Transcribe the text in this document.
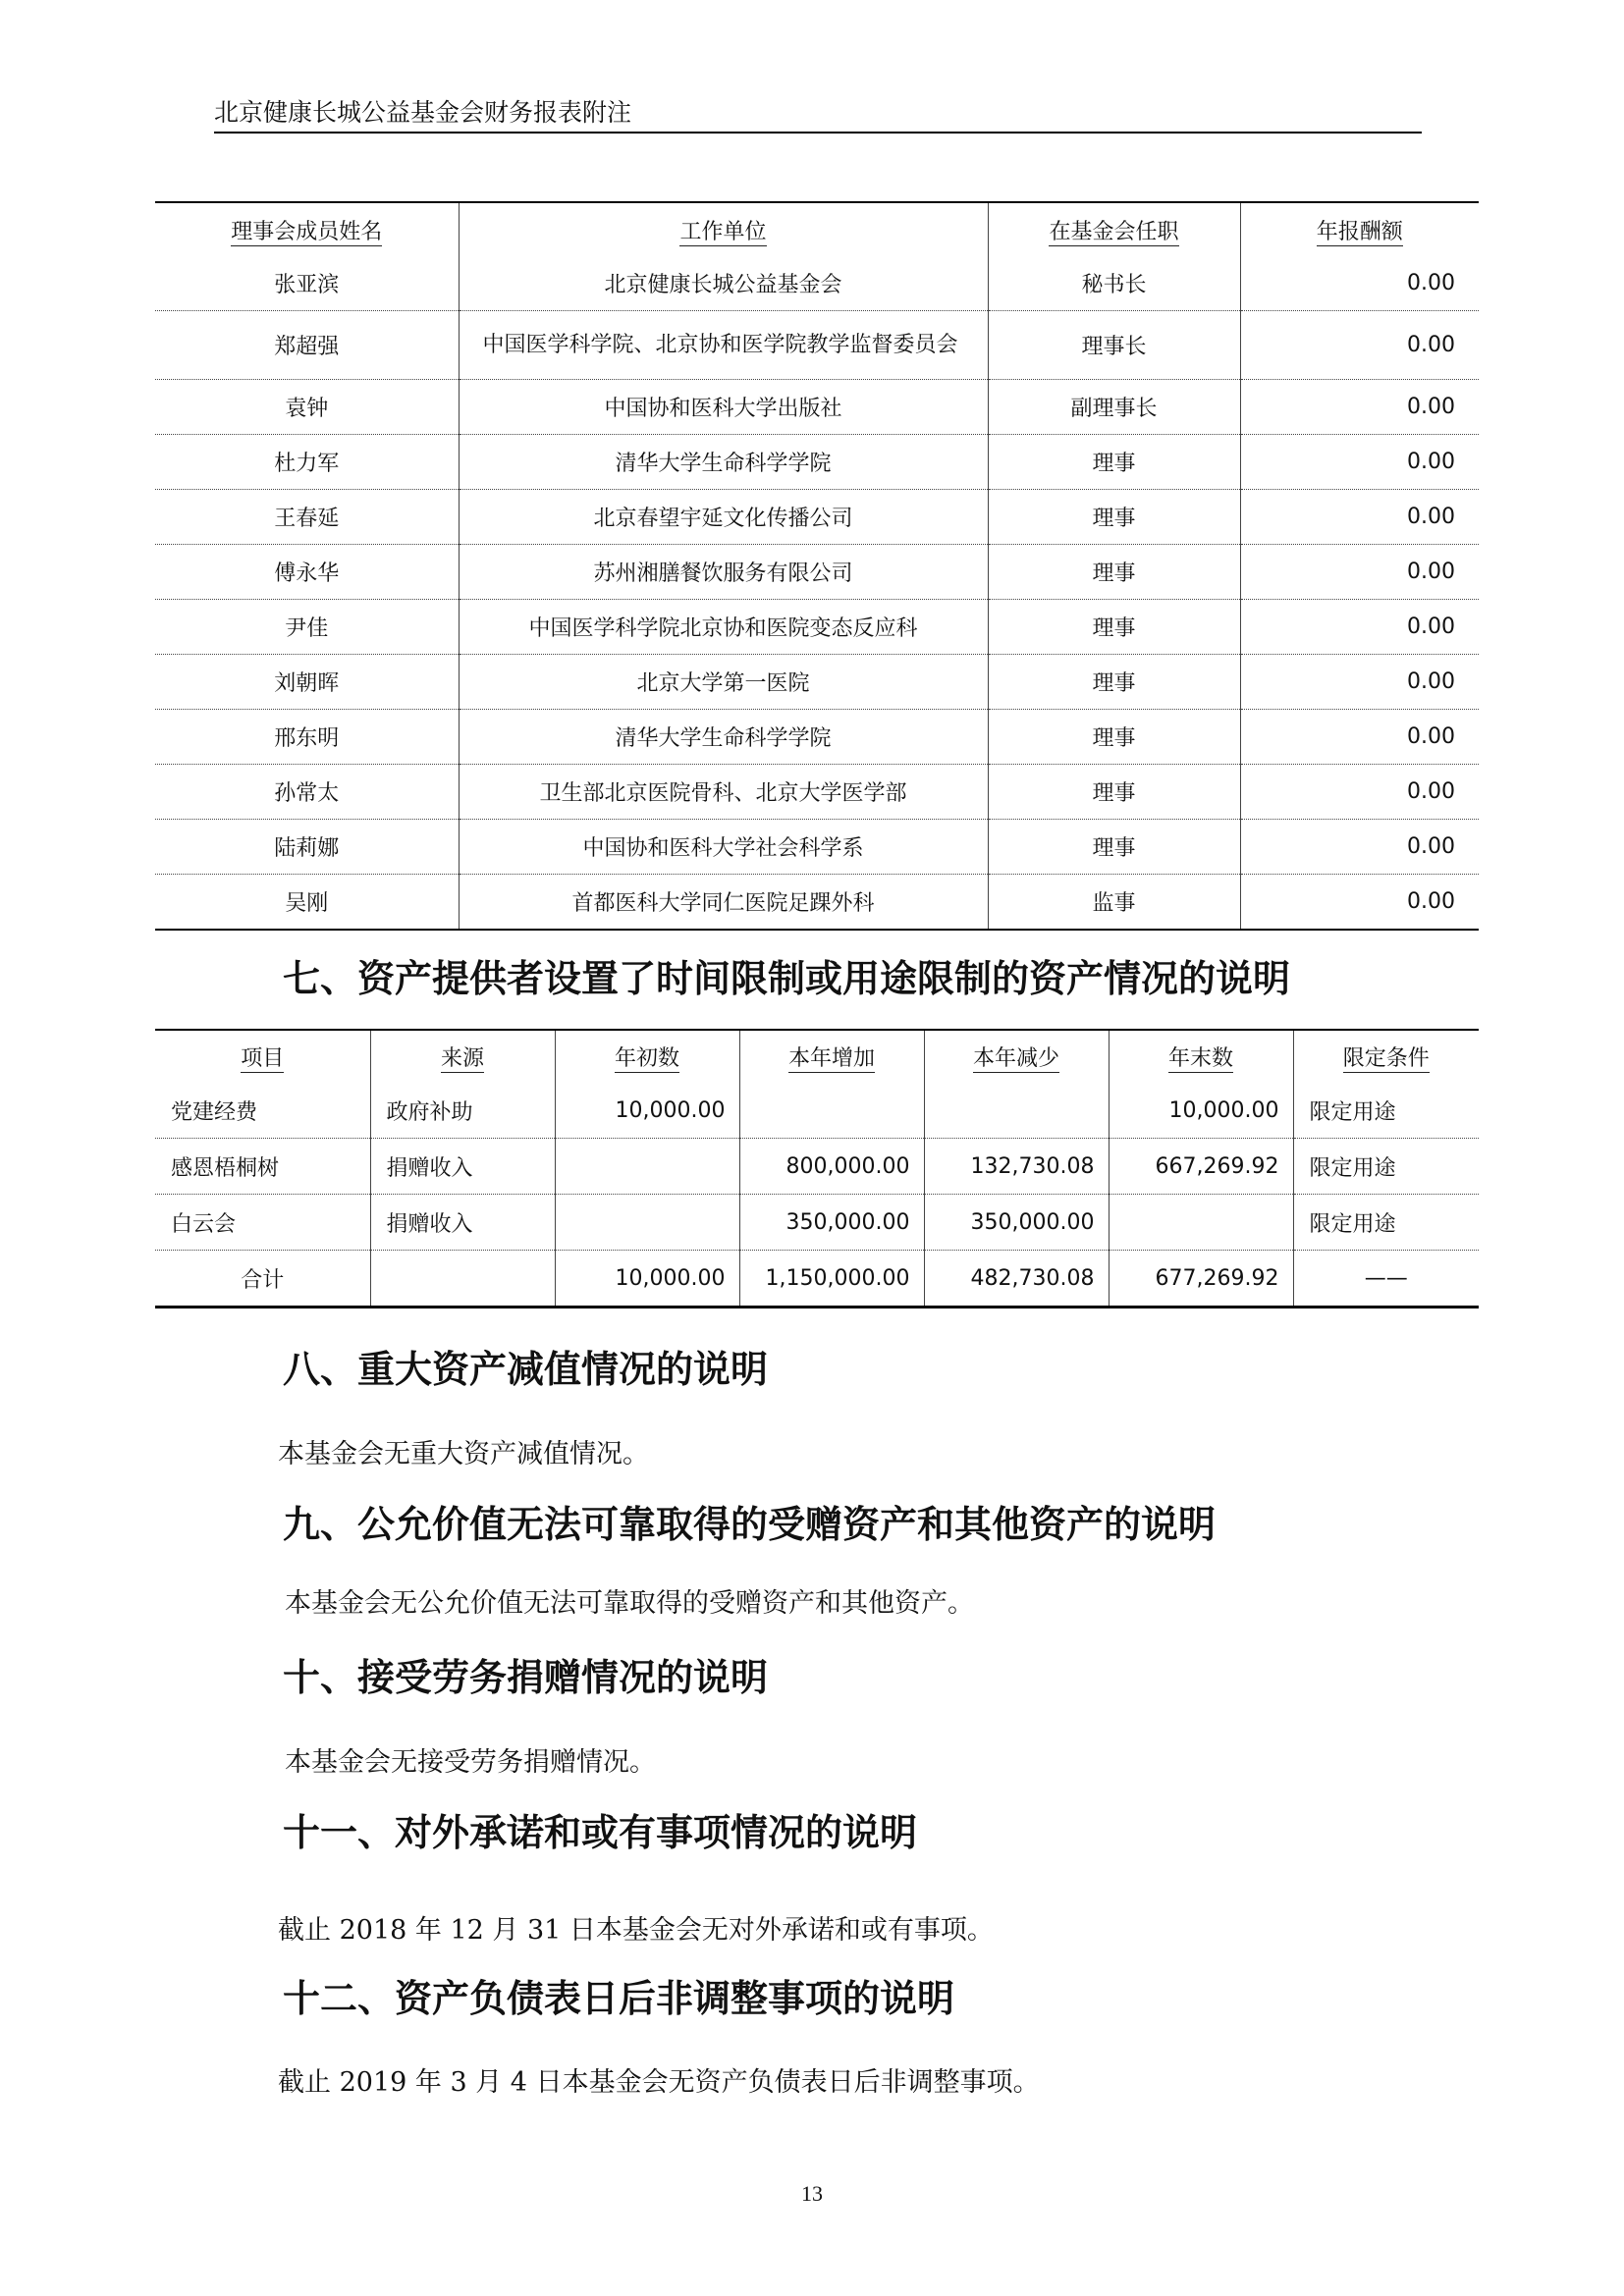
北京健康长城公益基金会财务报表附注
理事会成员姓名	工作单位	在基金会任职	年报酬额
张亚滨	北京健康长城公益基金会	秘书长	0.00
郑超强	中国医学科学院、北京协和医学院教学监督委员会	理事长	0.00
袁钟	中国协和医科大学出版社	副理事长	0.00
杜力军	清华大学生命科学学院	理事	0.00
王春延	北京春望宇延文化传播公司	理事	0.00
傅永华	苏州湘膳餐饮服务有限公司	理事	0.00
尹佳	中国医学科学院北京协和医院变态反应科	理事	0.00
刘朝晖	北京大学第一医院	理事	0.00
邢东明	清华大学生命科学学院	理事	0.00
孙常太	卫生部北京医院骨科、北京大学医学部	理事	0.00
陆莉娜	中国协和医科大学社会科学系	理事	0.00
吴刚	首都医科大学同仁医院足踝外科	监事	0.00
七、资产提供者设置了时间限制或用途限制的资产情况的说明
项目	来源	年初数	本年增加	本年减少	年末数	限定条件
党建经费	政府补助	10,000.00			10,000.00	限定用途
感恩梧桐树	捐赠收入		800,000.00	132,730.08	667,269.92	限定用途
白云会	捐赠收入		350,000.00	350,000.00		限定用途
合计		10,000.00	1,150,000.00	482,730.08	677,269.92	——
八、重大资产减值情况的说明
本基金会无重大资产减值情况。
九、公允价值无法可靠取得的受赠资产和其他资产的说明
本基金会无公允价值无法可靠取得的受赠资产和其他资产。
十、接受劳务捐赠情况的说明
本基金会无接受劳务捐赠情况。
十一、对外承诺和或有事项情况的说明
截止 2018 年 12 月 31 日本基金会无对外承诺和或有事项。
十二、资产负债表日后非调整事项的说明
截止 2019 年 3 月 4 日本基金会无资产负债表日后非调整事项。
13
